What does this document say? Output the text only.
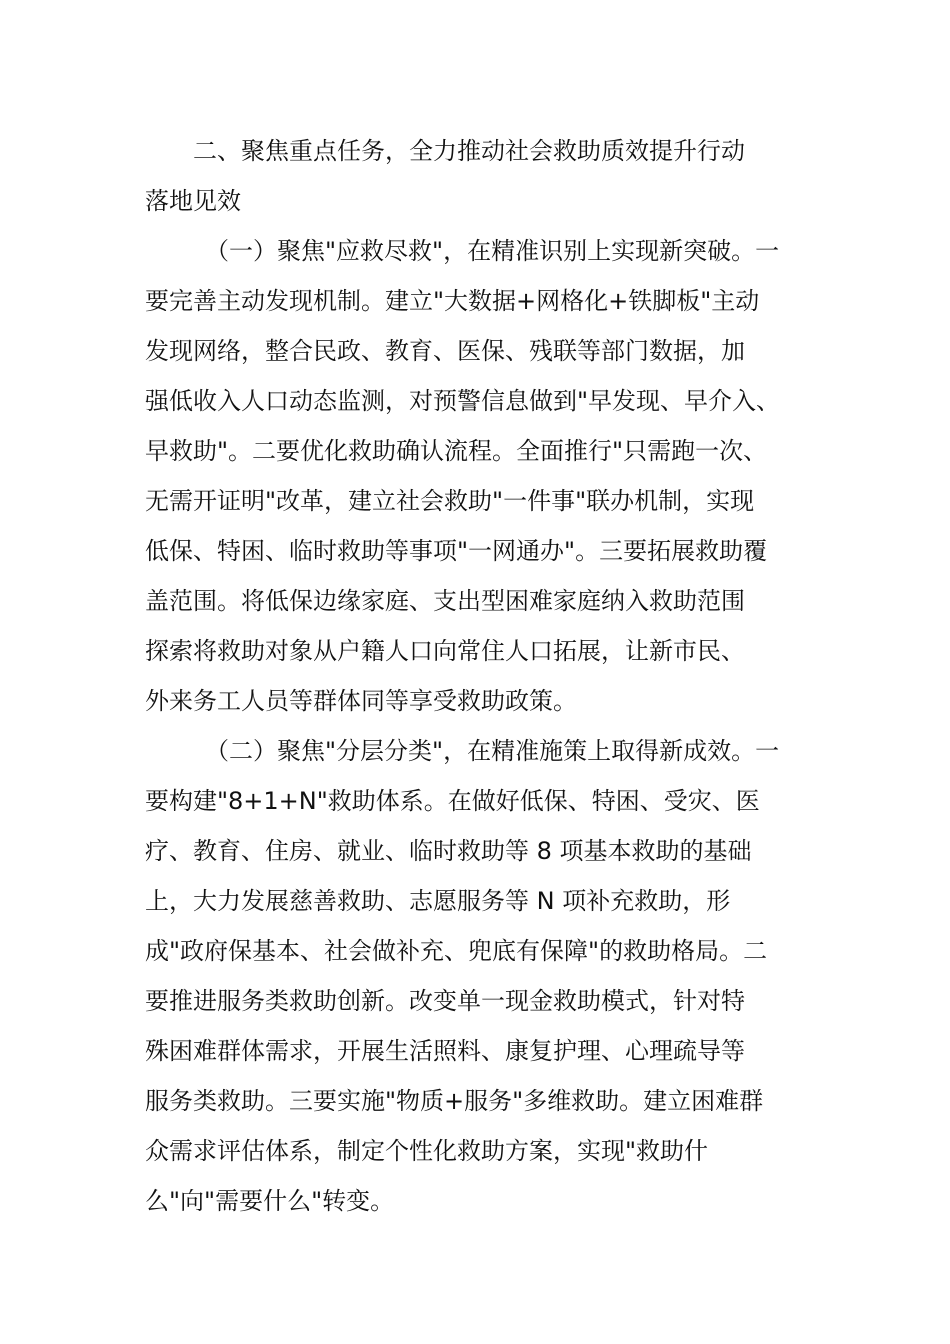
二、聚焦重点任务，全力推动社会救助质效提升行动
落地见效
（一）聚焦"应救尽救"，在精准识别上实现新突破。一
要完善主动发现机制。建立"大数据+网格化+铁脚板"主动
发现网络，整合民政、教育、医保、残联等部门数据，加
强低收入人口动态监测，对预警信息做到"早发现、早介入、
早救助"。二要优化救助确认流程。全面推行"只需跑一次、
无需开证明"改革，建立社会救助"一件事"联办机制，实现
低保、特困、临时救助等事项"一网通办"。三要拓展救助覆
盖范围。将低保边缘家庭、支出型困难家庭纳入救助范围
探索将救助对象从户籍人口向常住人口拓展，让新市民、
外来务工人员等群体同等享受救助政策。
（二）聚焦"分层分类"，在精准施策上取得新成效。一
要构建"8+1+N"救助体系。在做好低保、特困、受灾、医
疗、教育、住房、就业、临时救助等 8 项基本救助的基础
上，大力发展慈善救助、志愿服务等 N 项补充救助，形
成"政府保基本、社会做补充、兜底有保障"的救助格局。二
要推进服务类救助创新。改变单一现金救助模式，针对特
殊困难群体需求，开展生活照料、康复护理、心理疏导等
服务类救助。三要实施"物质+服务"多维救助。建立困难群
众需求评估体系，制定个性化救助方案，实现"救助什
么"向"需要什么"转变。
